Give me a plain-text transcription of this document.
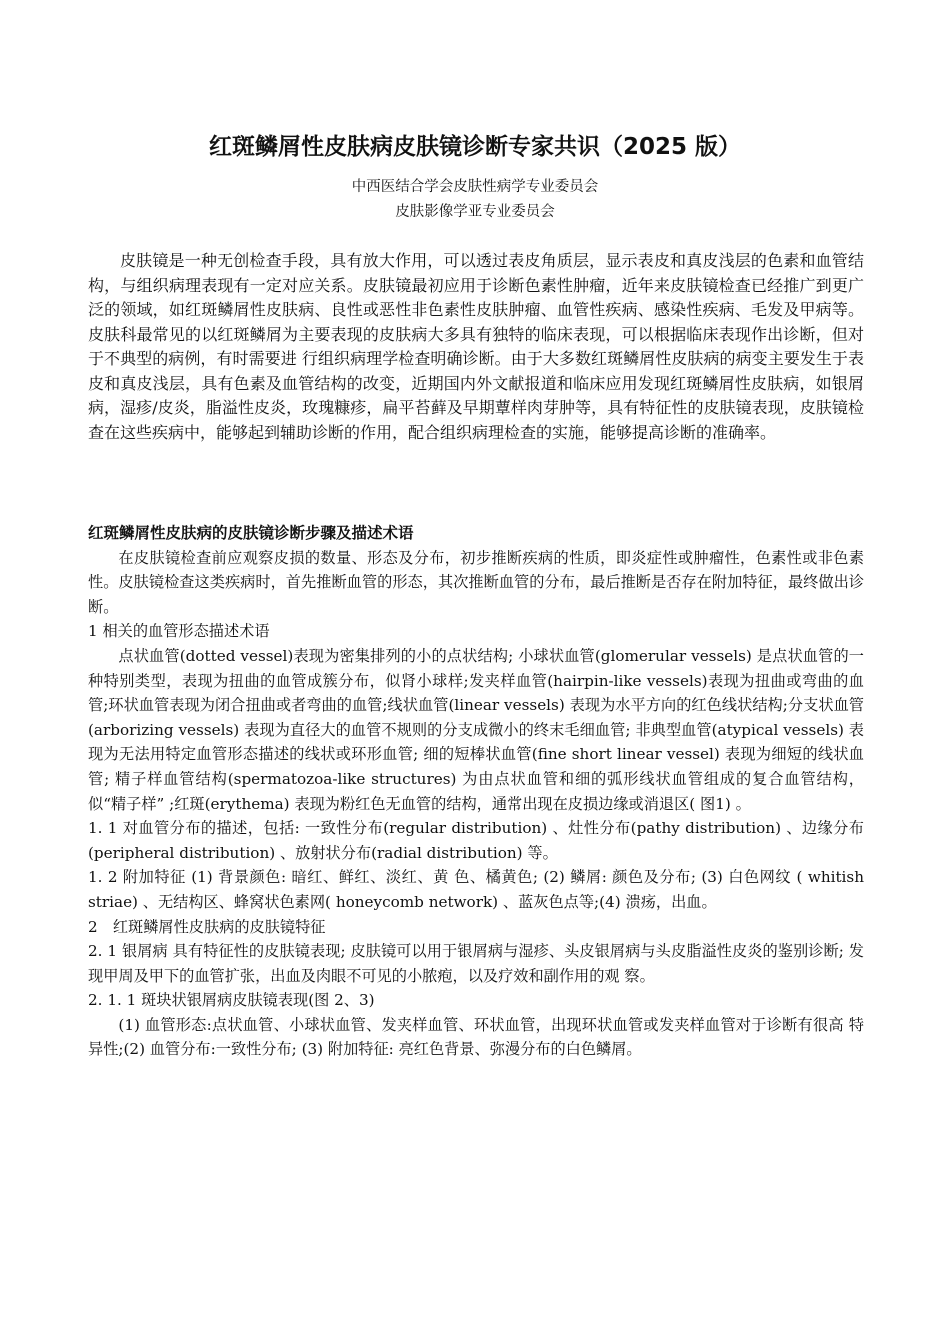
红斑鳞屑性皮肤病皮肤镜诊断专家共识（2025 版）

中西医结合学会皮肤性病学专业委员会

皮肤影像学亚专业委员会

皮肤镜是一种无创检查手段，具有放大作用，可以透过表皮角质层，显示表皮和真皮浅层的色素和血管结构，与组织病理表现有一定对应关系。皮肤镜最初应用于诊断色素性肿瘤，近年来皮肤镜检查已经推广到更广泛的领域，如红斑鳞屑性皮肤病、良性或恶性非色素性皮肤肿瘤、血管性疾病、感染性疾病、毛发及甲病等。皮肤科最常见的以红斑鳞屑为主要表现的皮肤病大多具有独特的临床表现，可以根据临床表现作出诊断，但对于不典型的病例，有时需要进 行组织病理学检查明确诊断。由于大多数红斑鳞屑性皮肤病的病变主要发生于表皮和真皮浅层，具有色素及血管结构的改变，近期国内外文献报道和临床应用发现红斑鳞屑性皮肤病，如银屑病，湿疹/皮炎，脂溢性皮炎，玫瑰糠疹，扁平苔藓及早期蕈样肉芽肿等，具有特征性的皮肤镜表现，皮肤镜检查在这些疾病中，能够起到辅助诊断的作用，配合组织病理检查的实施，能够提高诊断的准确率。

红斑鳞屑性皮肤病的皮肤镜诊断步骤及描述术语

在皮肤镜检查前应观察皮损的数量、形态及分布，初步推断疾病的性质，即炎症性或肿瘤性，色素性或非色素性。皮肤镜检查这类疾病时，首先推断血管的形态，其次推断血管的分布，最后推断是否存在附加特征，最终做出诊断。

1 相关的血管形态描述术语

点状血管(dotted vessel)表现为密集排列的小的点状结构; 小球状血管(glomerular vessels) 是点状血管的一种特别类型，表现为扭曲的血管成簇分布，似肾小球样;发夹样血管(hairpin-like vessels)表现为扭曲或弯曲的血管;环状血管表现为闭合扭曲或者弯曲的血管;线状血管(linear vessels) 表现为水平方向的红色线状结构;分支状血管(arborizing vessels) 表现为直径大的血管不规则的分支成微小的终末毛细血管; 非典型血管(atypical vessels) 表现为无法用特定血管形态描述的线状或环形血管; 细的短棒状血管(fine short linear vessel) 表现为细短的线状血管; 精子样血管结构(spermatozoa-like structures) 为由点状血管和细的弧形线状血管组成的复合血管结构，似“精子样” ;红斑(erythema) 表现为粉红色无血管的结构，通常出现在皮损边缘或消退区( 图1) 。

1. 1 对血管分布的描述，包括: 一致性分布(regular distribution) 、灶性分布(pathy distribution) 、边缘分布(peripheral distribution) 、放射状分布(radial distribution) 等。

1. 2 附加特征 (1) 背景颜色: 暗红、鲜红、淡红、黄 色、橘黄色; (2) 鳞屑: 颜色及分布; (3) 白色网纹 ( whitish striae) 、无结构区、蜂窝状色素网( honeycomb network) 、蓝灰色点等;(4) 溃疡，出血。

2　红斑鳞屑性皮肤病的皮肤镜特征

2. 1 银屑病 具有特征性的皮肤镜表现; 皮肤镜可以用于银屑病与湿疹、头皮银屑病与头皮脂溢性皮炎的鉴别诊断; 发现甲周及甲下的血管扩张，出血及肉眼不可见的小脓疱，以及疗效和副作用的观 察。

2. 1. 1 斑块状银屑病皮肤镜表现(图 2、3)

(1) 血管形态:点状血管、小球状血管、发夹样血管、环状血管，出现环状血管或发夹样血管对于诊断有很高 特异性;(2) 血管分布:一致性分布; (3) 附加特征: 亮红色背景、弥漫分布的白色鳞屑。
